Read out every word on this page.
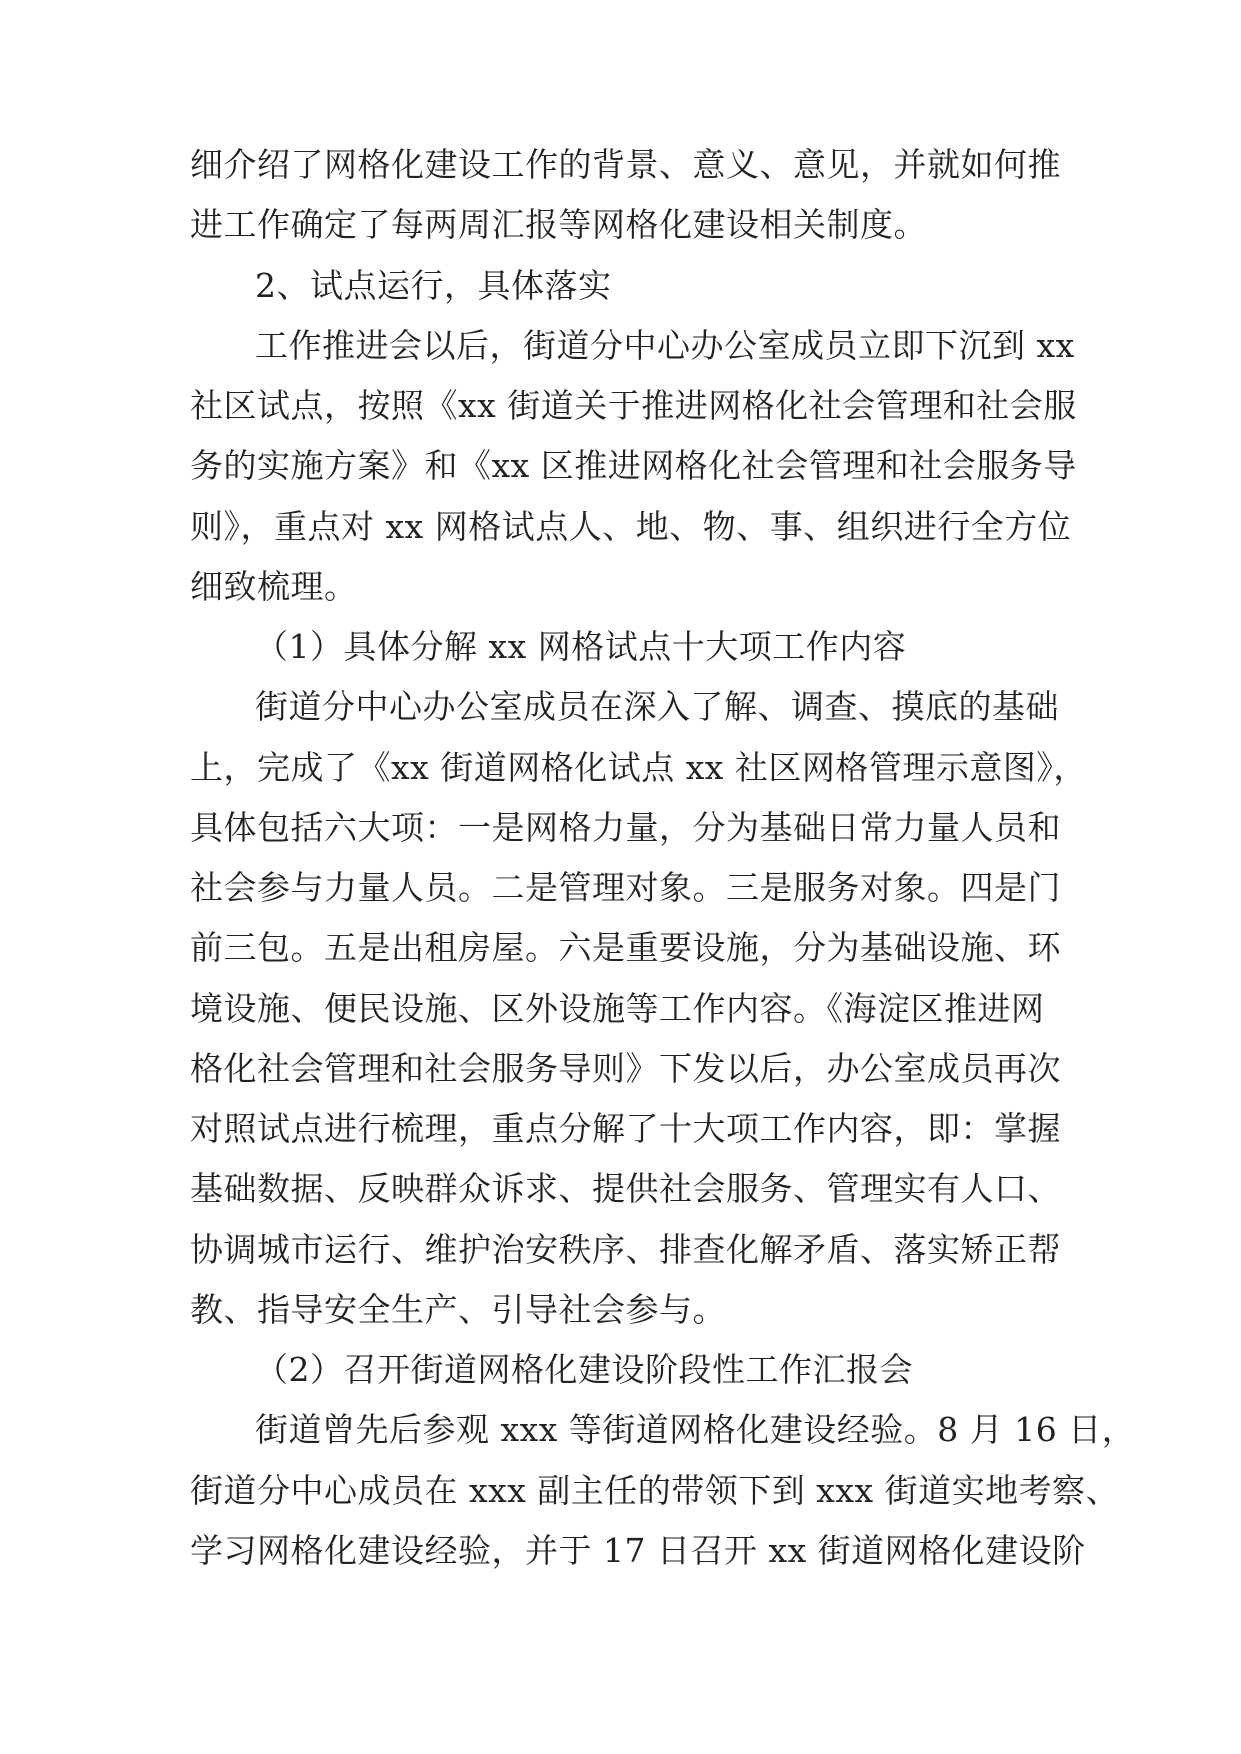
细介绍了网格化建设工作的背景、意义、意见，并就如何推
进工作确定了每两周汇报等网格化建设相关制度。
2、试点运行，具体落实
工作推进会以后，街道分中心办公室成员立即下沉到 xx
社区试点，按照《xx 街道关于推进网格化社会管理和社会服
务的实施方案》和《xx 区推进网格化社会管理和社会服务导
则》，重点对 xx 网格试点人、地、物、事、组织进行全方位
细致梳理。
（1）具体分解 xx 网格试点十大项工作内容
街道分中心办公室成员在深入了解、调查、摸底的基础
上，完成了《xx 街道网格化试点 xx 社区网格管理示意图》，
具体包括六大项：一是网格力量，分为基础日常力量人员和
社会参与力量人员。二是管理对象。三是服务对象。四是门
前三包。五是出租房屋。六是重要设施，分为基础设施、环
境设施、便民设施、区外设施等工作内容。《海淀区推进网
格化社会管理和社会服务导则》下发以后，办公室成员再次
对照试点进行梳理，重点分解了十大项工作内容，即：掌握
基础数据、反映群众诉求、提供社会服务、管理实有人口、
协调城市运行、维护治安秩序、排查化解矛盾、落实矫正帮
教、指导安全生产、引导社会参与。
（2）召开街道网格化建设阶段性工作汇报会
街道曾先后参观 xxx 等街道网格化建设经验。8 月 16 日，
街道分中心成员在 xxx 副主任的带领下到 xxx 街道实地考察、
学习网格化建设经验，并于 17 日召开 xx 街道网格化建设阶
